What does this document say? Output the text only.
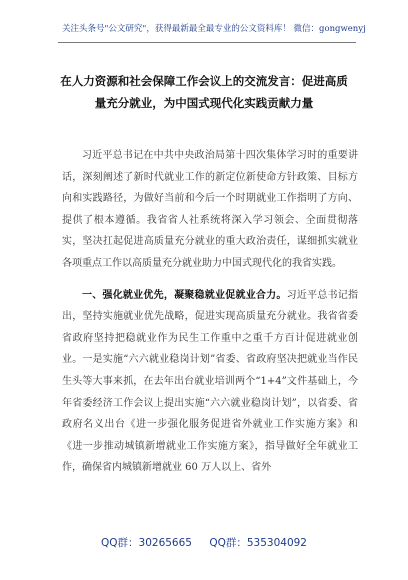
关注头条号"公文研究"，获得最新最全最专业的公文资料库！ 微信：gongwenyj
在人力资源和社会保障工作会议上的交流发言：促进高质
量充分就业，为中国式现代化实践贡献力量

习近平总书记在中共中央政治局第十四次集体学习时的重要讲话，深刻阐述了新时代就业工作的新定位新使命方针政策、目标方向和实践路径，为做好当前和今后一个时期就业工作指明了方向、提供了根本遵循。我省省人社系统将深入学习领会、全面贯彻落实，坚决扛起促进高质量充分就业的重大政治责任，谋细抓实就业各项重点工作以高质量充分就业助力中国式现代化的我省实践。

一、强化就业优先，凝聚稳就业促就业合力。习近平总书记指出，坚持实施就业优先战略，促进实现高质量充分就业。我省省委省政府坚持把稳就业作为民生工作重中之重千方百计促进就业创业。一是实施“六六就业稳岗计划”省委、省政府坚决把就业当作民生头等大事来抓，在去年出台就业培训两个“1+4”文件基础上，今年省委经济工作会议上提出实施“六六就业稳岗计划”，以省委、省政府名义出台《进一步强化服务促进省外就业工作实施方案》和《进一步推动城镇新增就业工作实施方案》，指导做好全年就业工作，确保省内城镇新增就业 60 万人以上、省外

QQ群：30265665 QQ群：535304092
